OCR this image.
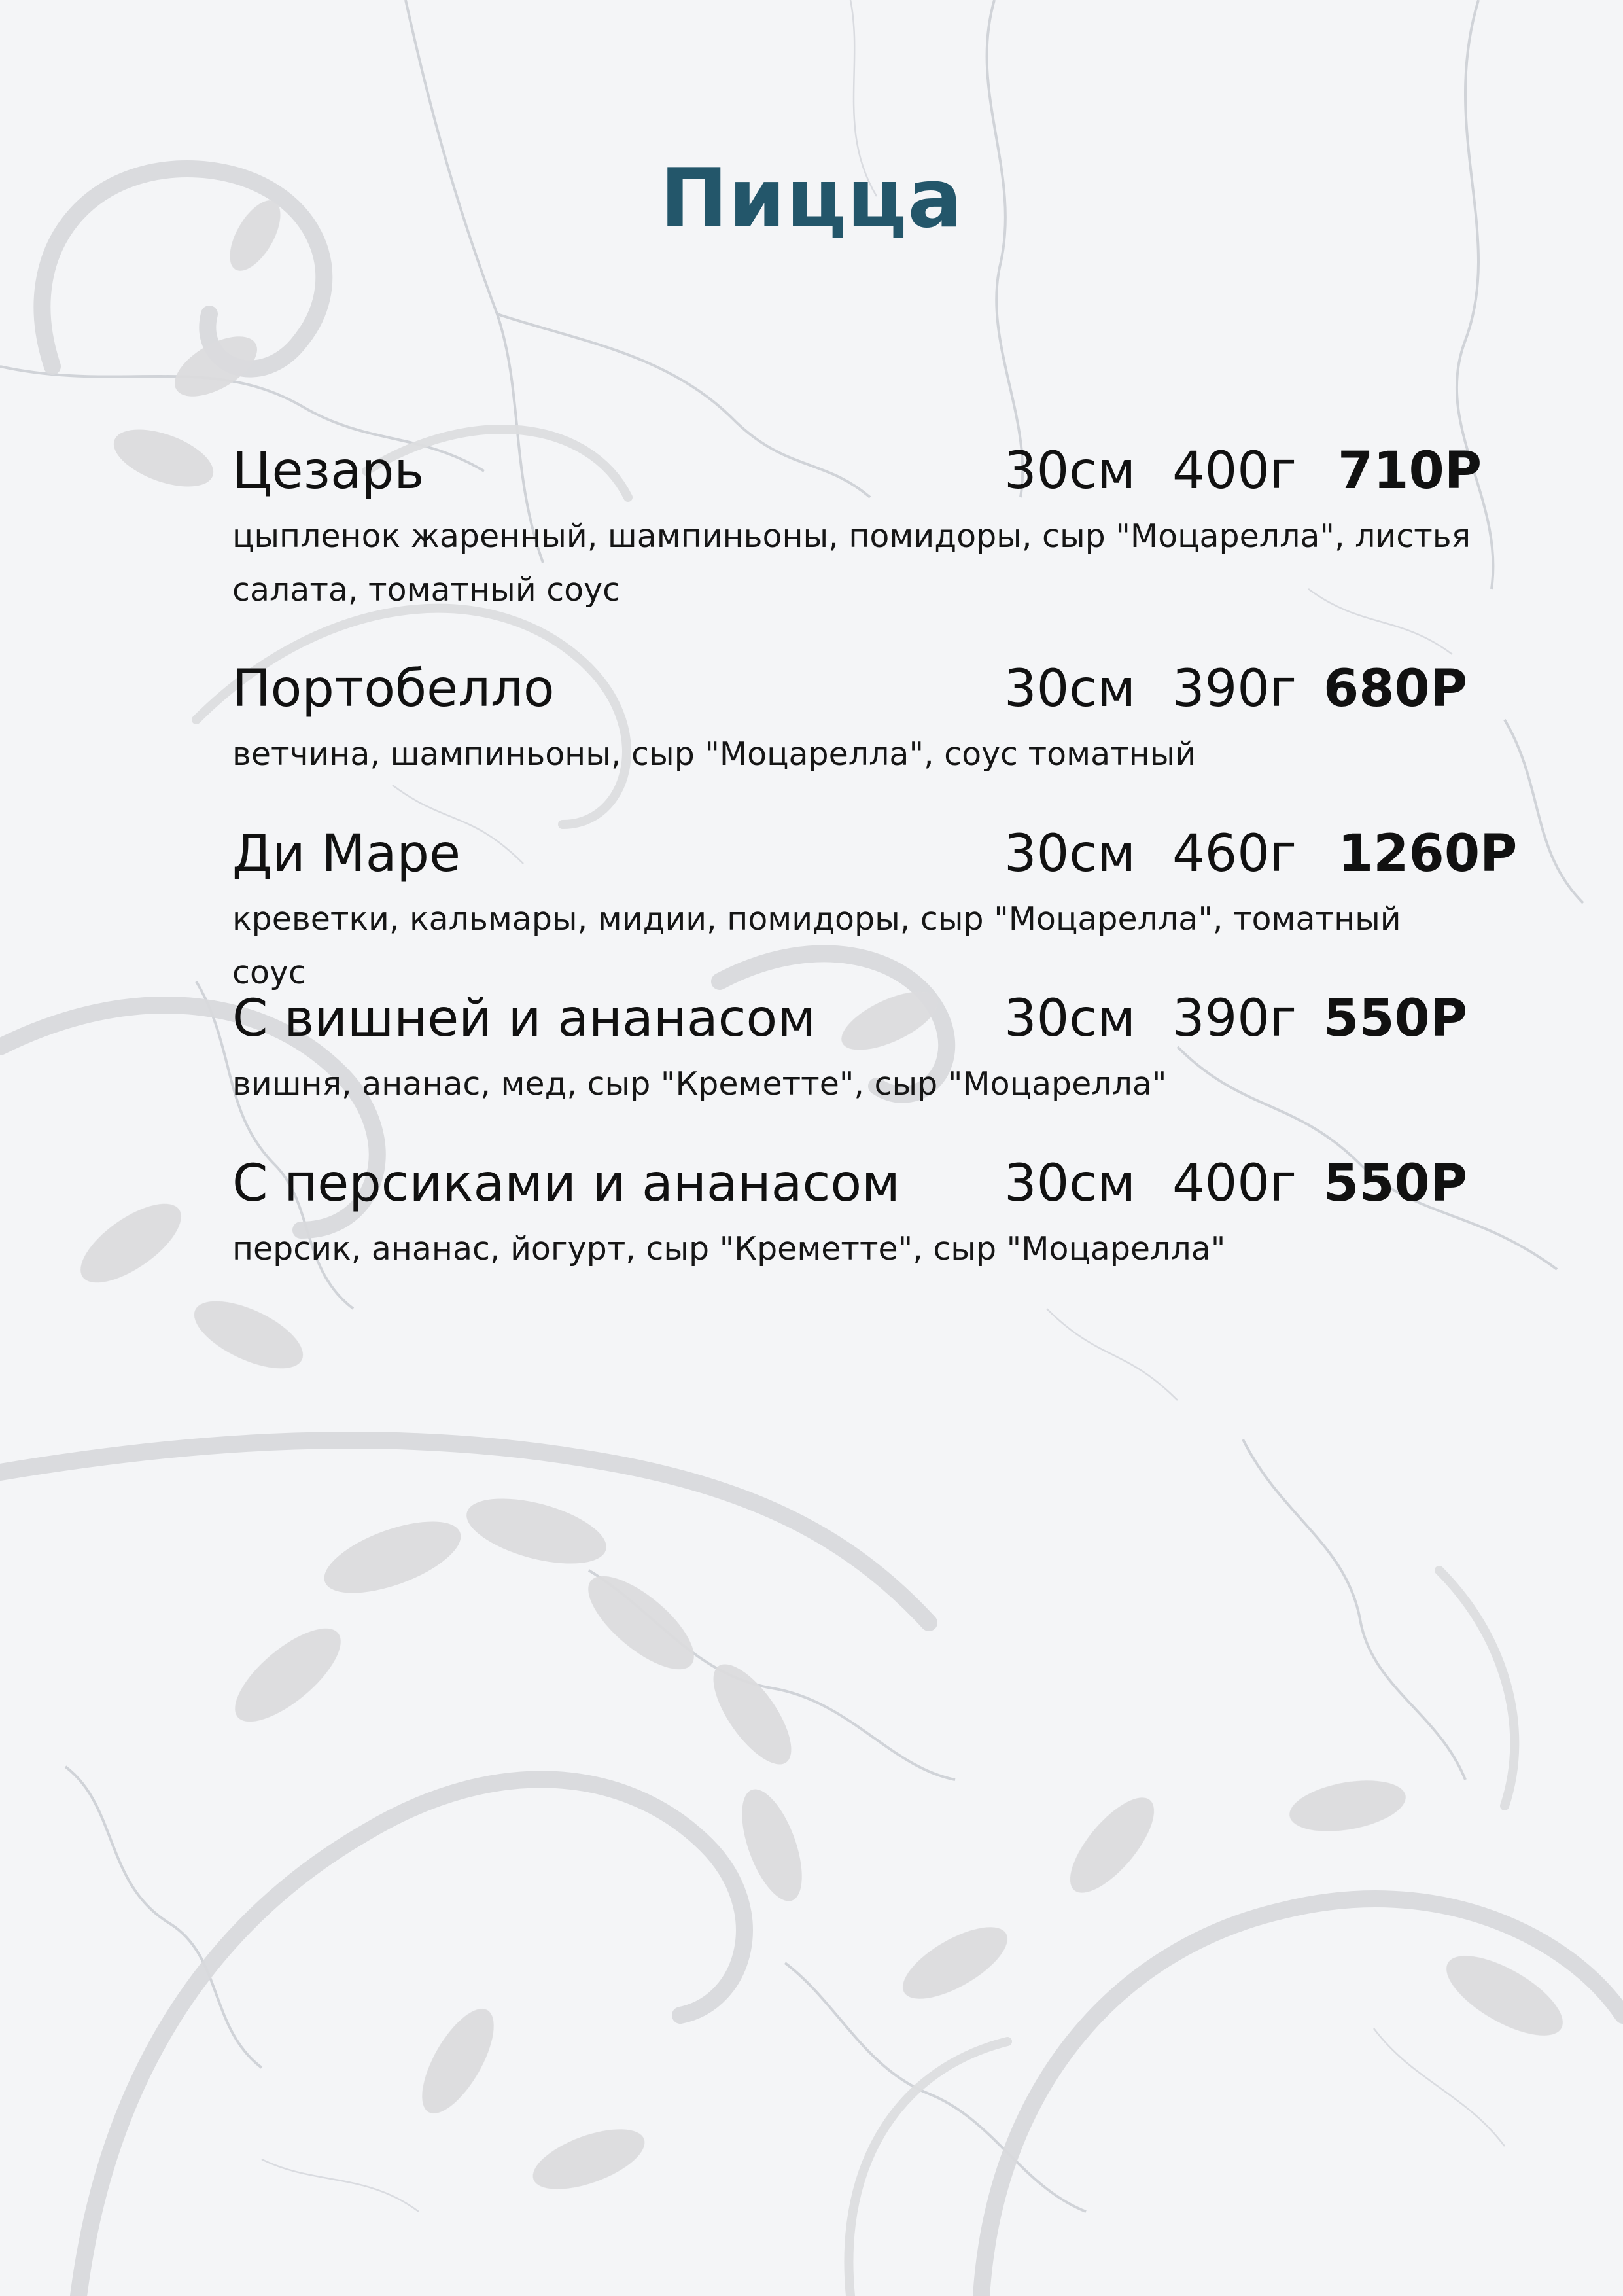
Пицца
Цезарь	30см 400г 710Р
цыпленок жаренный, шампиньоны, помидоры, сыр "Моцарелла", листья салата, томатный соус
Портобелло	30см 390г 680Р
ветчина, шампиньоны, сыр "Моцарелла", соус томатный
Ди Маре	30см 460г 1260Р
креветки, кальмары, мидии, помидоры, сыр "Моцарелла", томатный соус
С вишней и ананасом	30см 390г 550Р
вишня, ананас, мед, сыр "Креметте", сыр "Моцарелла"
С персиками и ананасом 30см 400г 550Р
персик, ананас, йогурт, сыр "Креметте", сыр "Моцарелла"
